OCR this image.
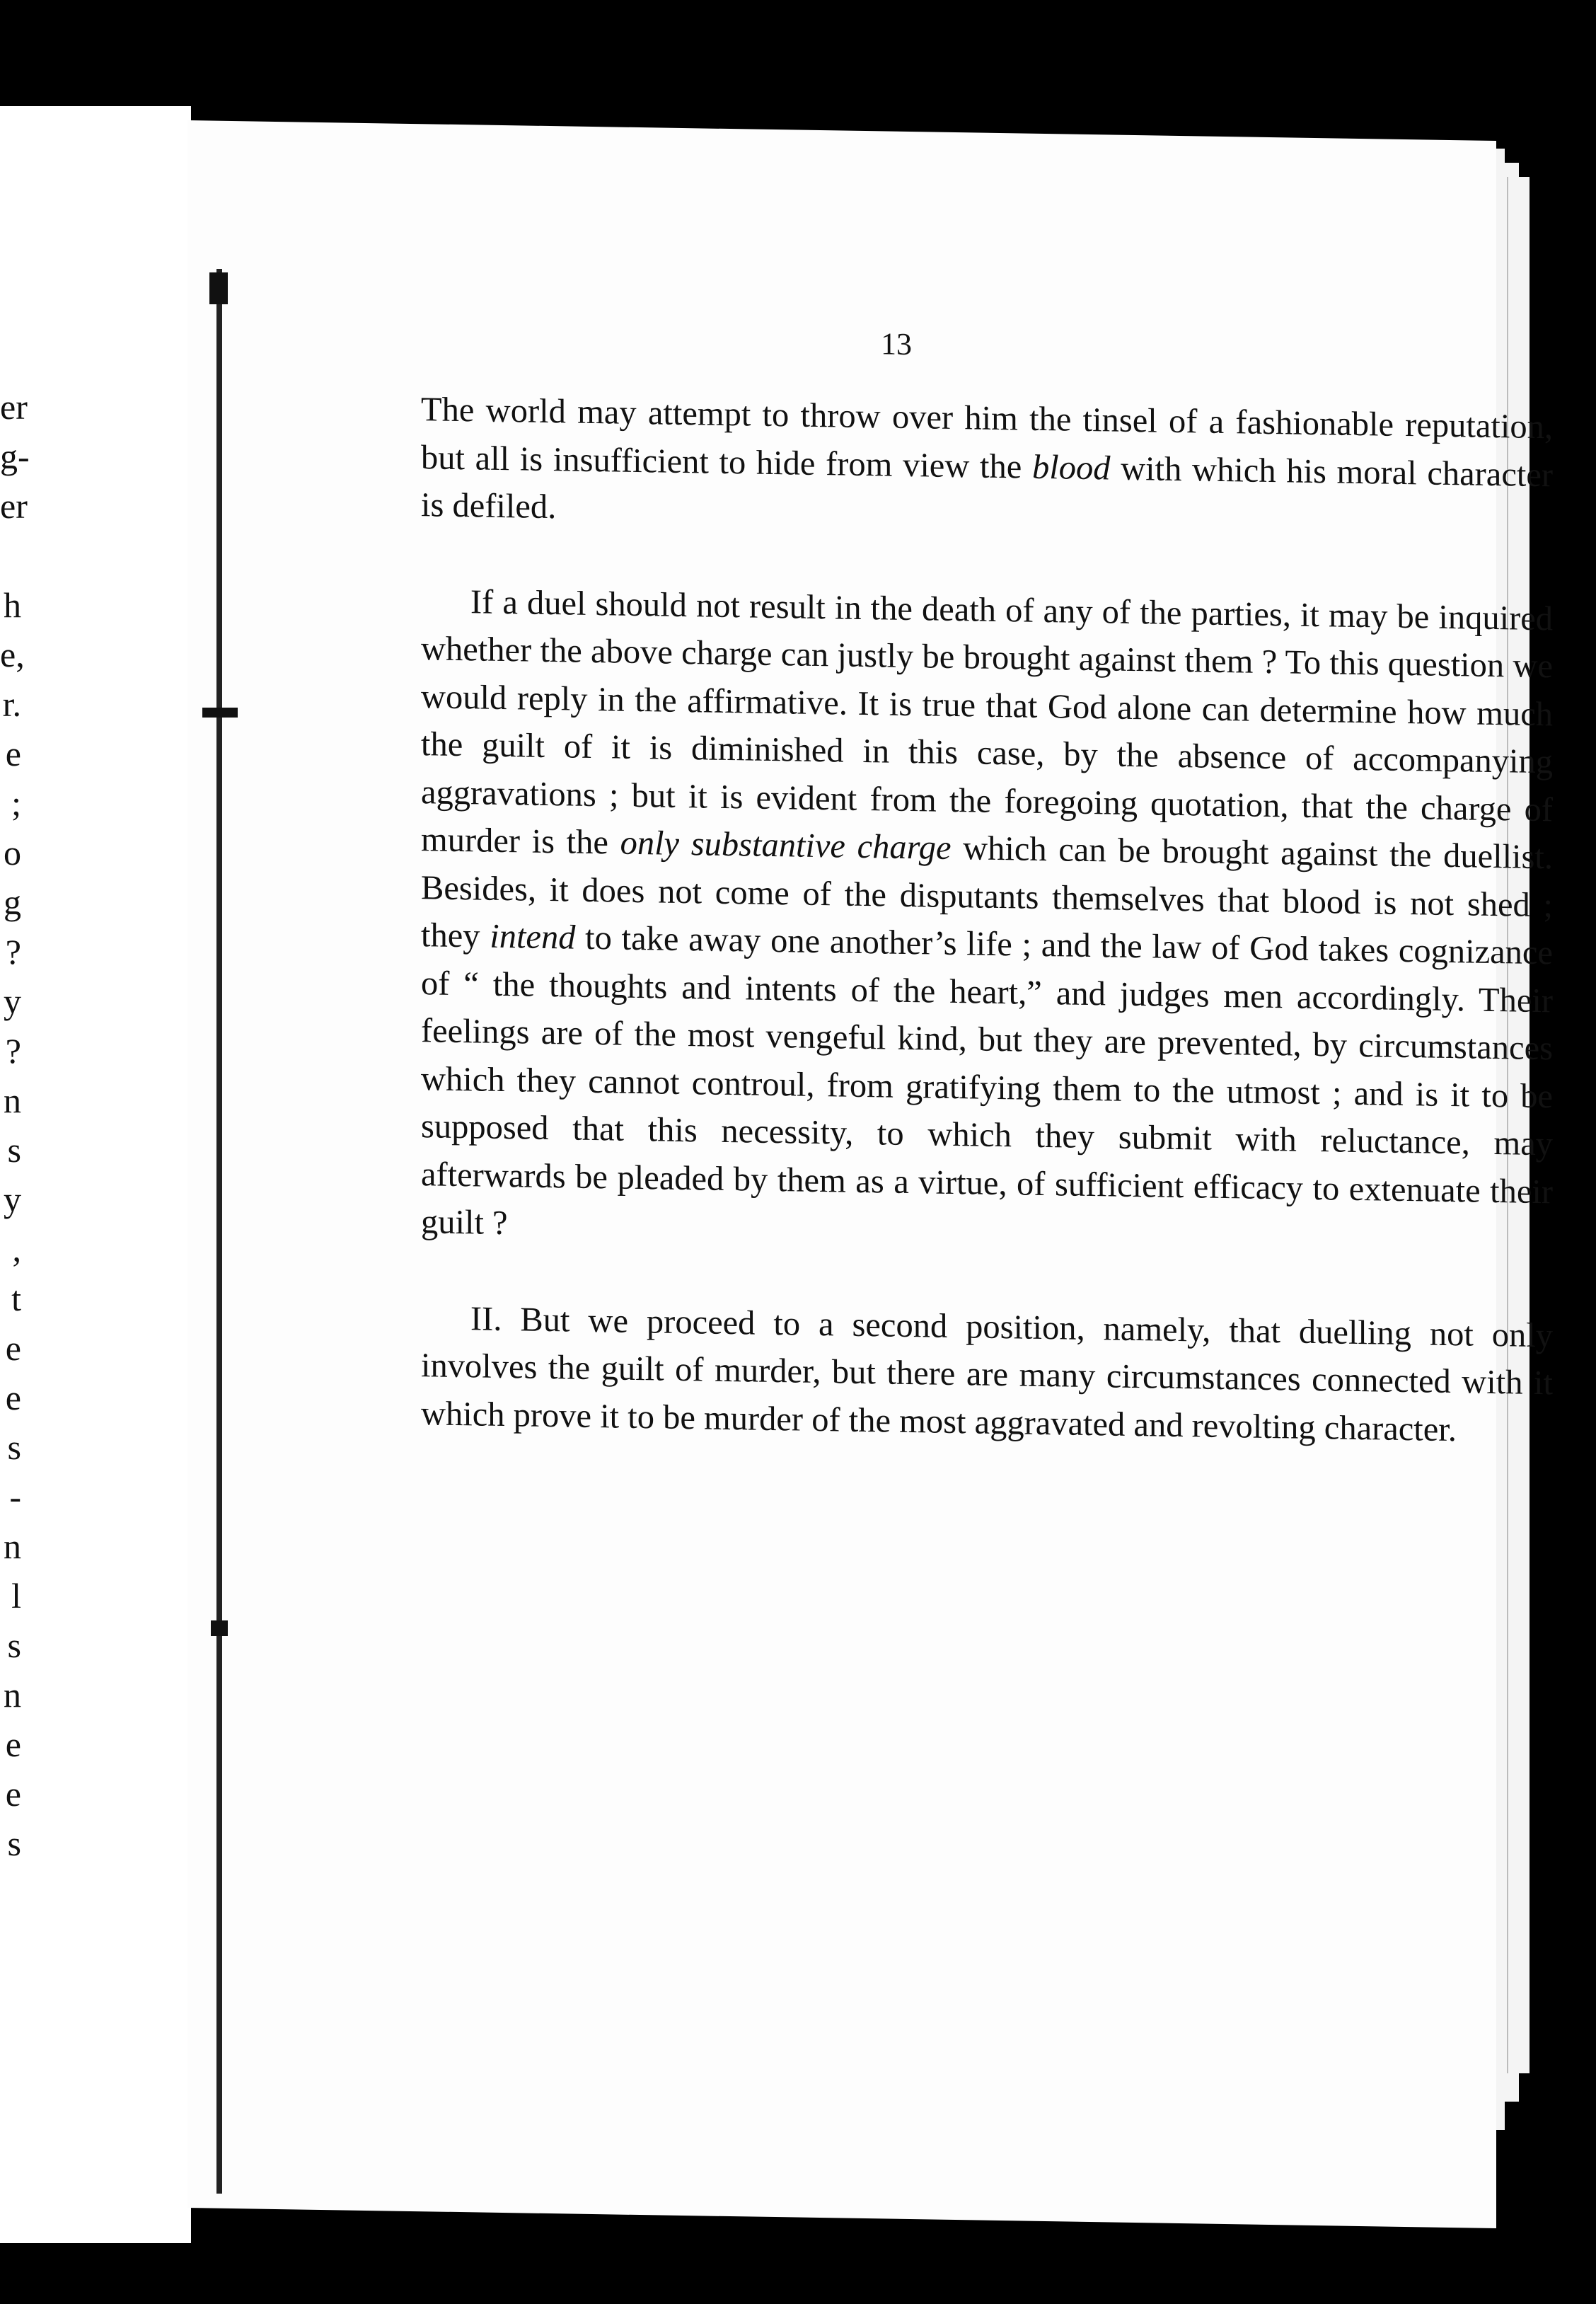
er
g-
er
h
e,
r.
e
;
o
g
?
y
?
n
s
y
,
t
e
e
s
-
n
l
s
n
e
e
s
13

The world may attempt to throw over him the tinsel of a fashionable reputation, but all is insufficient to hide from view the blood with which his moral character is defiled.

If a duel should not result in the death of any of the parties, it may be inquired whether the above charge can justly be brought against them ? To this question we would reply in the affirmative. It is true that God alone can determine how much the guilt of it is diminished in this case, by the absence of accompanying aggravations ; but it is evident from the foregoing quotation, that the charge of murder is the only substantive charge which can be brought against the duellist. Besides, it does not come of the disputants themselves that blood is not shed ; they intend to take away one another’s life ; and the law of God takes cognizance of “ the thoughts and intents of the heart,” and judges men accordingly. Their feelings are of the most vengeful kind, but they are prevented, by circumstances which they cannot controul, from gratifying them to the utmost ; and is it to be supposed that this necessity, to which they submit with reluctance, may afterwards be pleaded by them as a virtue, of sufficient efficacy to extenuate their guilt ?

II. But we proceed to a second position, namely, that duelling not only involves the guilt of murder, but there are many circumstances connected with it which prove it to be murder of the most aggravated and revolting character.
